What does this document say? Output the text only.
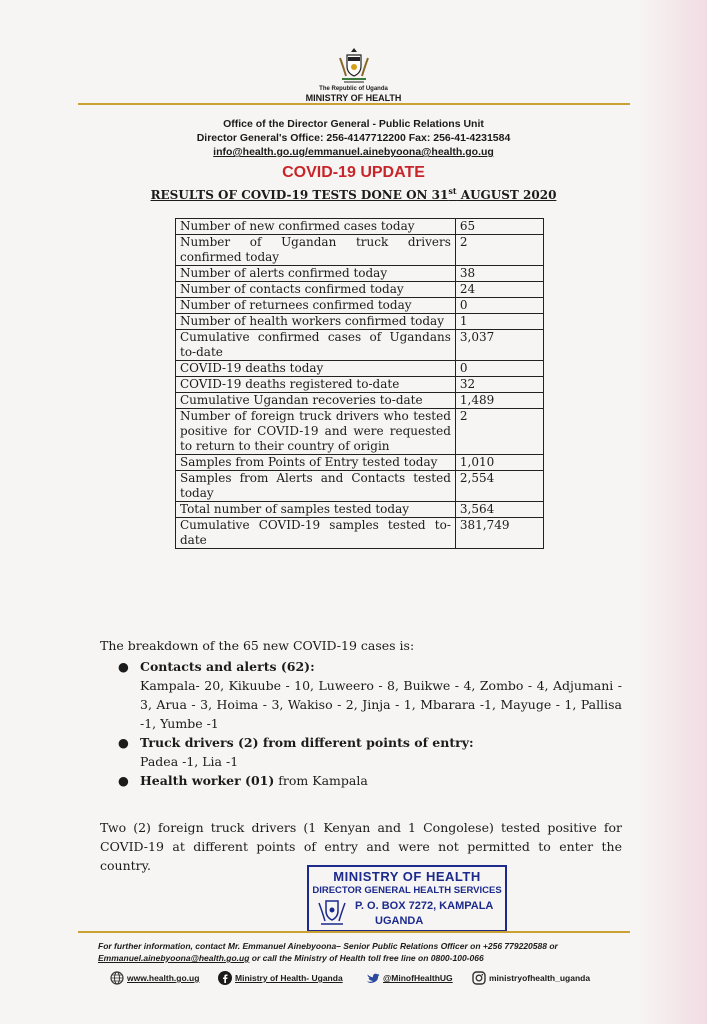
The Republic of Uganda
MINISTRY OF HEALTH
Office of the Director General - Public Relations Unit
Director General's Office: 256-4147712200 Fax: 256-41-4231584
info@health.go.ug/emmanuel.ainebyoona@health.go.ug
COVID-19 UPDATE
RESULTS OF COVID-19 TESTS DONE ON 31st AUGUST 2020
Number of new confirmed cases today	65
Number of Ugandan truck drivers confirmed today	2
Number of alerts confirmed today	38
Number of contacts confirmed today	24
Number of returnees confirmed today	0
Number of health workers confirmed today	1
Cumulative confirmed cases of Ugandans to-date	3,037
COVID-19 deaths today	0
COVID-19 deaths registered to-date	32
Cumulative Ugandan recoveries to-date	1,489
Number of foreign truck drivers who tested positive for COVID-19 and were requested to return to their country of origin	2
Samples from Points of Entry tested today	1,010
Samples from Alerts and Contacts tested today	2,554
Total number of samples tested today	3,564
Cumulative COVID-19 samples tested to-date	381,749
The breakdown of the 65 new COVID-19 cases is:
● Contacts and alerts (62):
Kampala- 20, Kikuube - 10, Luweero - 8, Buikwe - 4, Zombo - 4, Adjumani - 3, Arua - 3, Hoima - 3, Wakiso - 2, Jinja - 1, Mbarara -1, Mayuge - 1, Pallisa -1, Yumbe -1
● Truck drivers (2) from different points of entry:
Padea -1, Lia -1
● Health worker (01) from Kampala
Two (2) foreign truck drivers (1 Kenyan and 1 Congolese) tested positive for COVID-19 at different points of entry and were not permitted to enter the country.
MINISTRY OF HEALTH
DIRECTOR GENERAL HEALTH SERVICES
P. O. BOX 7272, KAMPALA
UGANDA
For further information, contact Mr. Emmanuel Ainebyoona– Senior Public Relations Officer on +256 779220588 or Emmanuel.ainebyoona@health.go.ug or call the Ministry of Health toll free line on 0800-100-066
www.health.go.ug	Ministry of Health- Uganda	@MinofHealthUG	ministryofhealth_uganda
